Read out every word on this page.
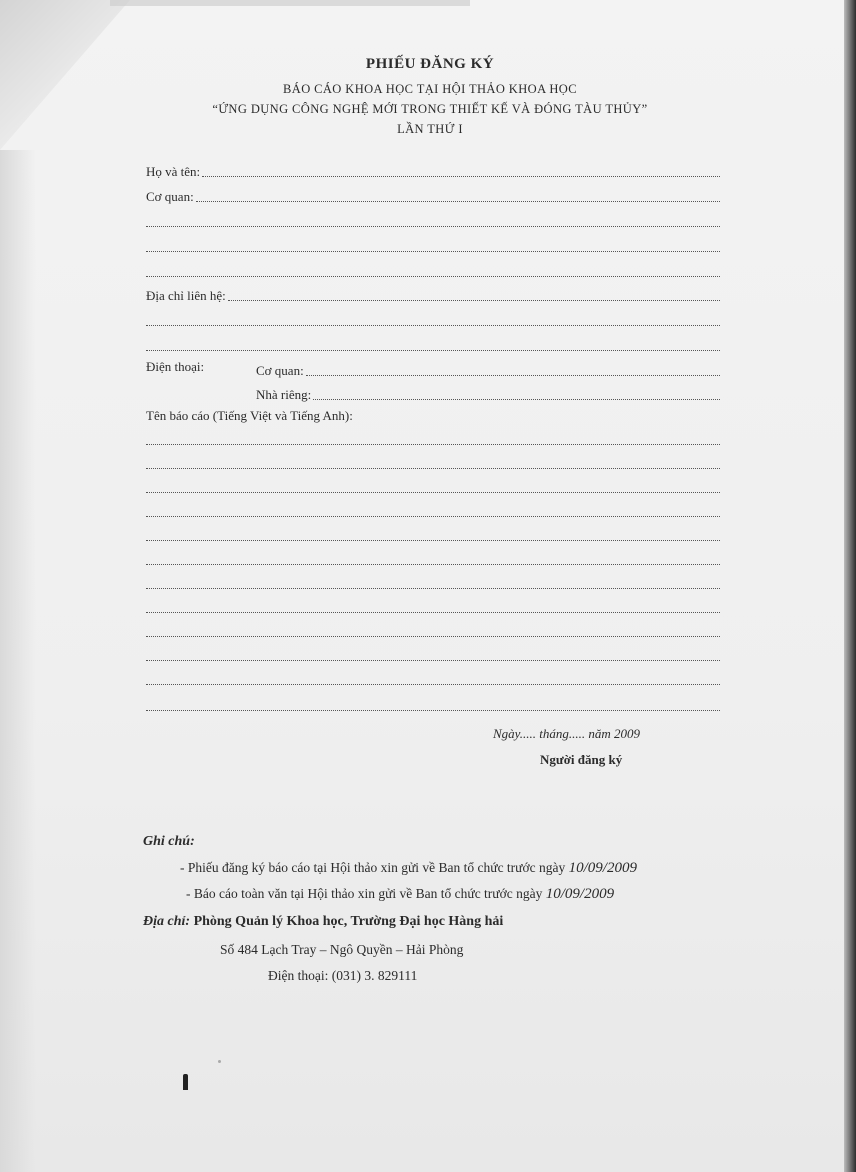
PHIẾU ĐĂNG KÝ
BÁO CÁO KHOA HỌC TẠI HỘI THẢO KHOA HỌC
“ỨNG DỤNG CÔNG NGHỆ MỚI TRONG THIẾT KẾ VÀ ĐÓNG TÀU THỦY”
LẦN THỨ I
Họ và tên:
Cơ quan:
Địa chỉ liên hệ:
Điện thoại:	Cơ quan:
Nhà riêng:
Tên báo cáo (Tiếng Việt và Tiếng Anh):
Ngày..... tháng..... năm 2009
Người đăng ký
Ghi chú:
- Phiếu đăng ký báo cáo tại Hội thảo xin gửi về Ban tổ chức trước ngày 10/09/2009
- Báo cáo toàn văn tại Hội thảo xin gửi về Ban tổ chức trước ngày 10/09/2009
Địa chỉ: Phòng Quản lý Khoa học, Trường Đại học Hàng hải
Số 484 Lạch Tray – Ngô Quyền – Hải Phòng
Điện thoại: (031) 3. 829111
